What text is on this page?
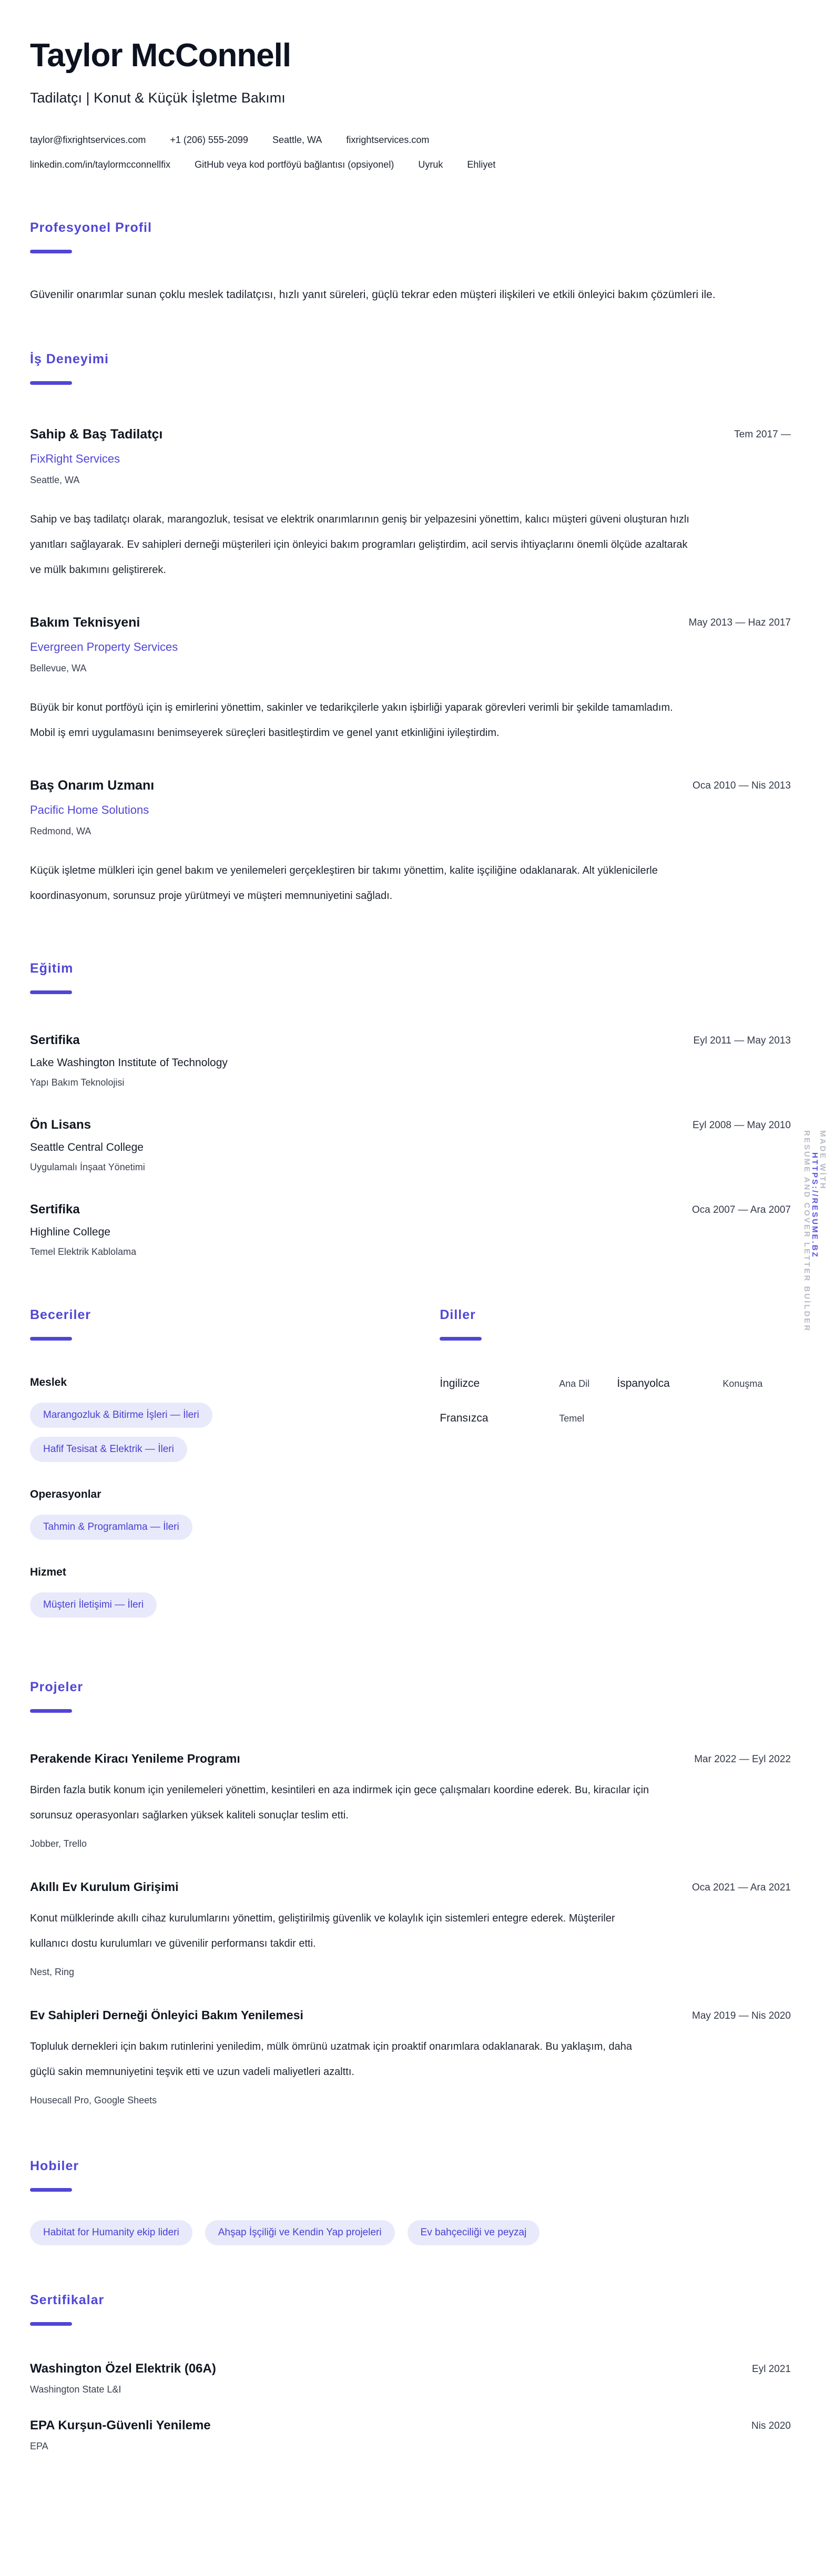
Taylor McConnell
Tadilatçı | Konut & Küçük İşletme Bakımı
taylor@fixrightservices.com	+1 (206) 555-2099	Seattle, WA	fixrightservices.com
linkedin.com/in/taylormcconnellfix	GitHub veya kod portföyü bağlantısı (opsiyonel)	Uyruk	Ehliyet
Profesyonel Profil

Güvenilir onarımlar sunan çoklu meslek tadilatçısı, hızlı yanıt süreleri, güçlü tekrar eden müşteri ilişkileri ve etkili önleyici bakım çözümleri ile.

İş Deneyimi
Sahip & Baş Tadilatçı	Tem 2017 —
FixRight Services
Seattle, WA

Sahip ve baş tadilatçı olarak, marangozluk, tesisat ve elektrik onarımlarının geniş bir yelpazesini yönettim, kalıcı müşteri güveni oluşturan hızlı yanıtları sağlayarak. Ev sahipleri derneği müşterileri için önleyici bakım programları geliştirdim, acil servis ihtiyaçlarını önemli ölçüde azaltarak ve mülk bakımını geliştirerek.

Bakım Teknisyeni	May 2013 — Haz 2017
Evergreen Property Services
Bellevue, WA

Büyük bir konut portföyü için iş emirlerini yönettim, sakinler ve tedarikçilerle yakın işbirliği yaparak görevleri verimli bir şekilde tamamladım. Mobil iş emri uygulamasını benimseyerek süreçleri basitleştirdim ve genel yanıt etkinliğini iyileştirdim.

Baş Onarım Uzmanı	Oca 2010 — Nis 2013
Pacific Home Solutions
Redmond, WA

Küçük işletme mülkleri için genel bakım ve yenilemeleri gerçekleştiren bir takımı yönettim, kalite işçiliğine odaklanarak. Alt yüklenicilerle koordinasyonum, sorunsuz proje yürütmeyi ve müşteri memnuniyetini sağladı.

Eğitim
Sertifika	Eyl 2011 — May 2013
Lake Washington Institute of Technology
Yapı Bakım Teknolojisi
Ön Lisans	Eyl 2008 — May 2010
Seattle Central College
Uygulamalı İnşaat Yönetimi
Sertifika	Oca 2007 — Ara 2007
Highline College
Temel Elektrik Kablolama
Beceriler
Meslek
Marangozluk & Bitirme İşleri — İleri
Hafif Tesisat & Elektrik — İleri
Operasyonlar
Tahmin & Programlama — İleri
Hizmet
Müşteri İletişimi — İleri
Diller
İngilizce	Ana Dil	İspanyolca	Konuşma
Fransızca	Temel
Projeler
Perakende Kiracı Yenileme Programı	Mar 2022 — Eyl 2022

Birden fazla butik konum için yenilemeleri yönettim, kesintileri en aza indirmek için gece çalışmaları koordine ederek. Bu, kiracılar için sorunsuz operasyonları sağlarken yüksek kaliteli sonuçlar teslim etti.

Jobber, Trello
Akıllı Ev Kurulum Girişimi	Oca 2021 — Ara 2021

Konut mülklerinde akıllı cihaz kurulumlarını yönettim, geliştirilmiş güvenlik ve kolaylık için sistemleri entegre ederek. Müşteriler kullanıcı dostu kurulumları ve güvenilir performansı takdir etti.

Nest, Ring
Ev Sahipleri Derneği Önleyici Bakım Yenilemesi	May 2019 — Nis 2020

Topluluk dernekleri için bakım rutinlerini yeniledim, mülk ömrünü uzatmak için proaktif onarımlara odaklanarak. Bu yaklaşım, daha güçlü sakin memnuniyetini teşvik etti ve uzun vadeli maliyetleri azalttı.

Housecall Pro, Google Sheets
Hobiler
Habitat for Humanity ekip lideri	Ahşap İşçiliği ve Kendin Yap projeleri	Ev bahçeciliği ve peyzaj
Sertifikalar
Washington Özel Elektrik (06A)	Eyl 2021
Washington State L&I
EPA Kurşun-Güvenli Yenileme	Nis 2020
EPA
MADE WİTH
HTTPS://RESUME.BZ
RESUME AND COVER LETTER BUİLDER
